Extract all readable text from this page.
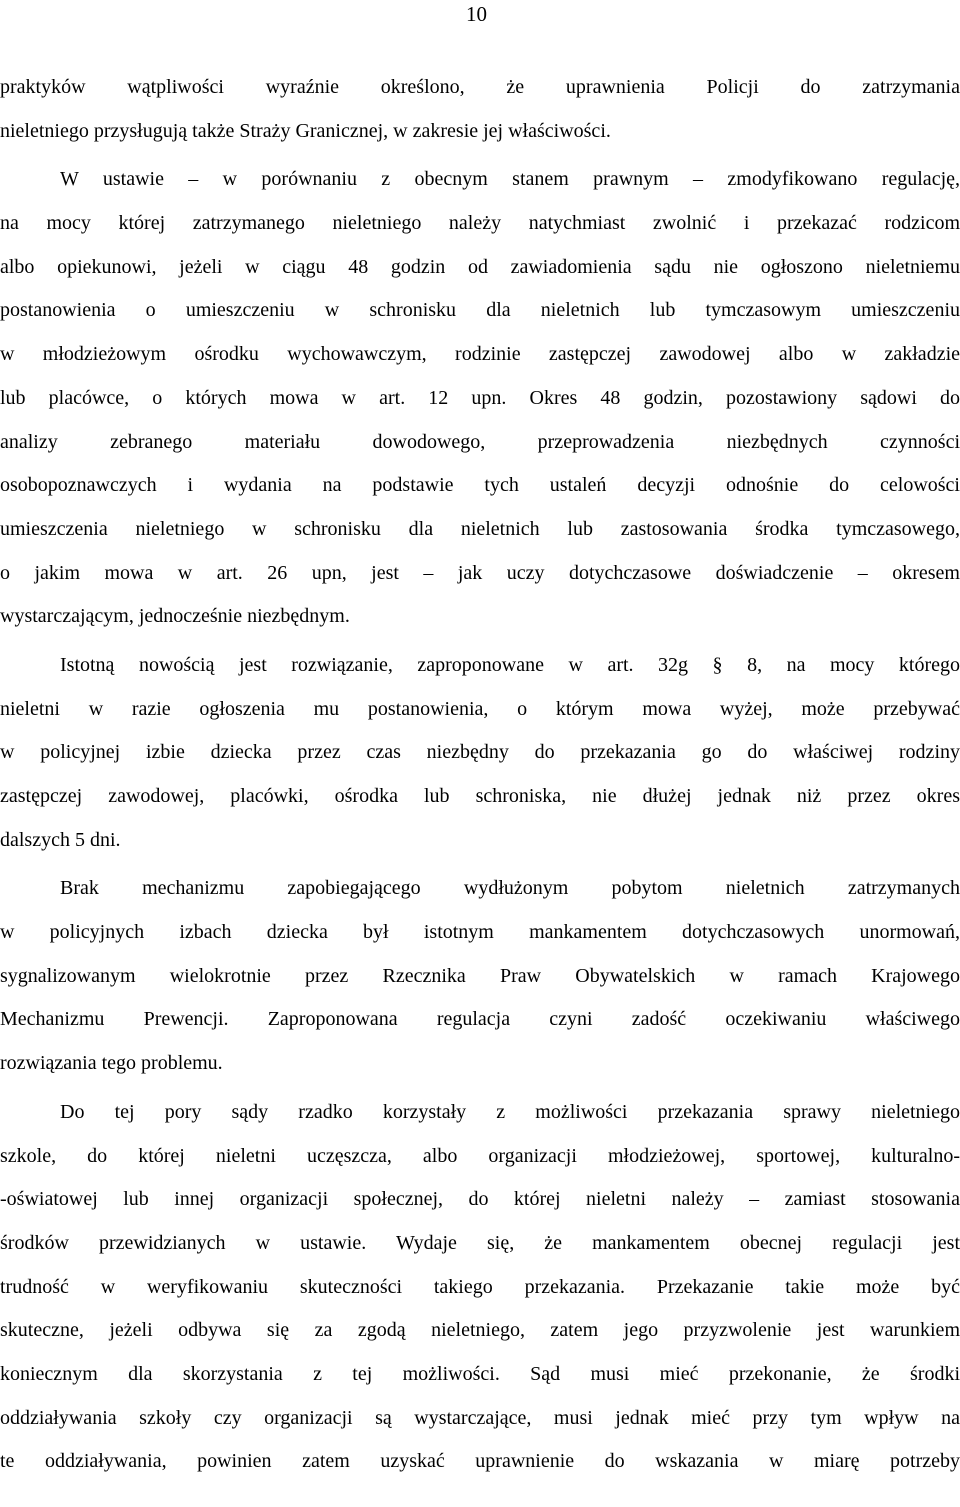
10
praktyków wątpliwości wyraźnie określono, że uprawnienia Policji do zatrzymania
nieletniego przysługują także Straży Granicznej, w zakresie jej właściwości.
W ustawie – w porównaniu z obecnym stanem prawnym – zmodyfikowano regulację,
na mocy której zatrzymanego nieletniego należy natychmiast zwolnić i przekazać rodzicom
albo opiekunowi, jeżeli w ciągu 48 godzin od zawiadomienia sądu nie ogłoszono nieletniemu
postanowienia o umieszczeniu w schronisku dla nieletnich lub tymczasowym umieszczeniu
w młodzieżowym ośrodku wychowawczym, rodzinie zastępczej zawodowej albo w zakładzie
lub placówce, o których mowa w art. 12 upn. Okres 48 godzin, pozostawiony sądowi do
analizy zebranego materiału dowodowego, przeprowadzenia niezbędnych czynności
osobopoznawczych i wydania na podstawie tych ustaleń decyzji odnośnie do celowości
umieszczenia nieletniego w schronisku dla nieletnich lub zastosowania środka tymczasowego,
o jakim mowa w art. 26 upn, jest – jak uczy dotychczasowe doświadczenie – okresem
wystarczającym, jednocześnie niezbędnym.
Istotną nowością jest rozwiązanie, zaproponowane w art. 32g § 8, na mocy którego
nieletni w razie ogłoszenia mu postanowienia, o którym mowa wyżej, może przebywać
w policyjnej izbie dziecka przez czas niezbędny do przekazania go do właściwej rodziny
zastępczej zawodowej, placówki, ośrodka lub schroniska, nie dłużej jednak niż przez okres
dalszych 5 dni.
Brak mechanizmu zapobiegającego wydłużonym pobytom nieletnich zatrzymanych
w policyjnych izbach dziecka był istotnym mankamentem dotychczasowych unormowań,
sygnalizowanym wielokrotnie przez Rzecznika Praw Obywatelskich w ramach Krajowego
Mechanizmu Prewencji. Zaproponowana regulacja czyni zadość oczekiwaniu właściwego
rozwiązania tego problemu.
Do tej pory sądy rzadko korzystały z możliwości przekazania sprawy nieletniego
szkole, do której nieletni uczęszcza, albo organizacji młodzieżowej, sportowej, kulturalno-
-oświatowej lub innej organizacji społecznej, do której nieletni należy – zamiast stosowania
środków przewidzianych w ustawie. Wydaje się, że mankamentem obecnej regulacji jest
trudność w weryfikowaniu skuteczności takiego przekazania. Przekazanie takie może być
skuteczne, jeżeli odbywa się za zgodą nieletniego, zatem jego przyzwolenie jest warunkiem
koniecznym dla skorzystania z tej możliwości. Sąd musi mieć przekonanie, że środki
oddziaływania szkoły czy organizacji są wystarczające, musi jednak mieć przy tym wpływ na
te oddziaływania, powinien zatem uzyskać uprawnienie do wskazania w miarę potrzeby
